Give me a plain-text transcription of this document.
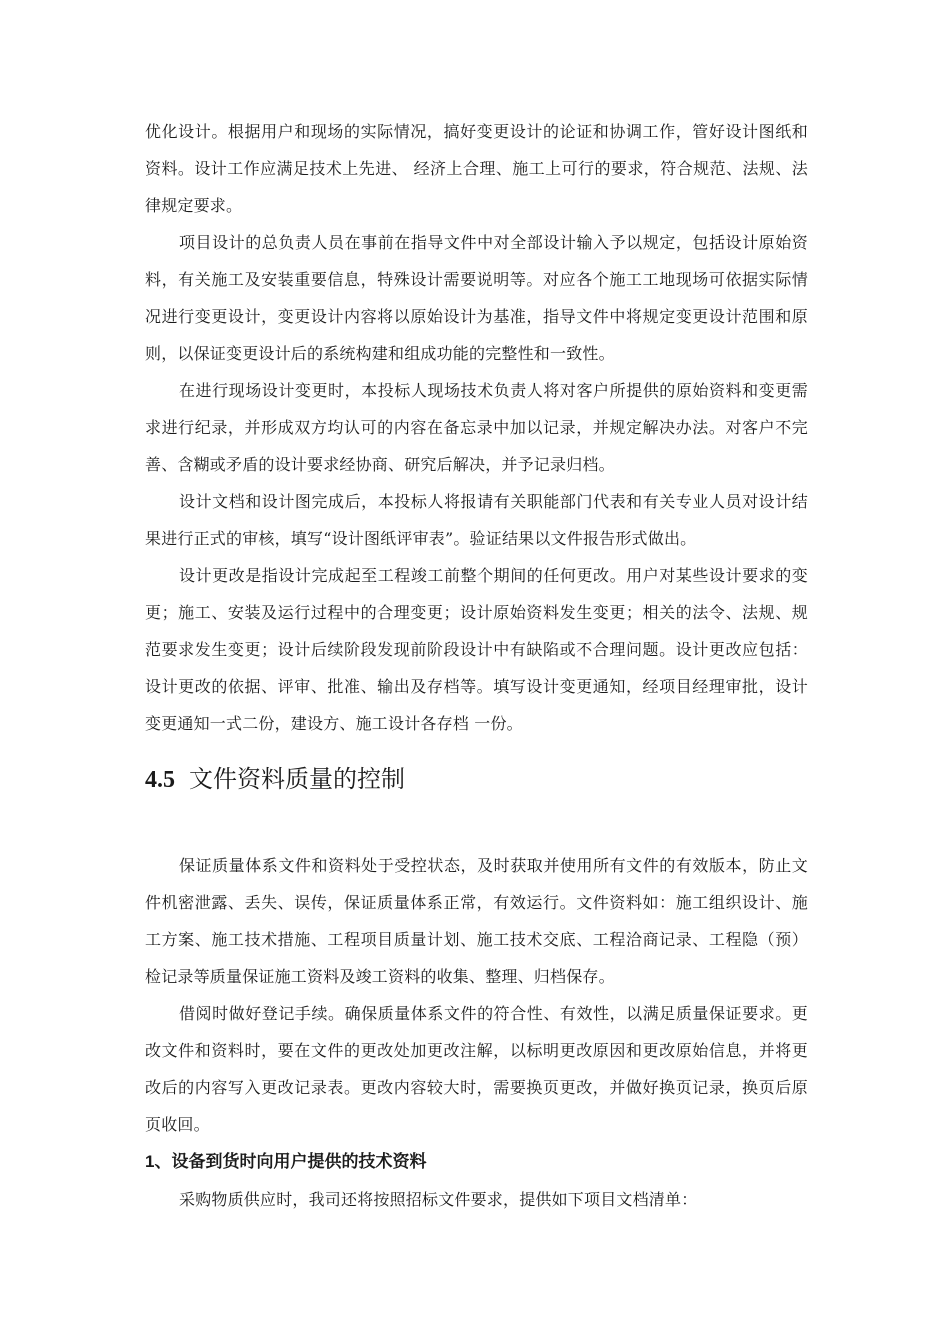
优化设计。根据用户和现场的实际情况，搞好变更设计的论证和协调工作，管好设计图纸和资料。设计工作应满足技术上先进、 经济上合理、施工上可行的要求，符合规范、法规、法律规定要求。

项目设计的总负责人员在事前在指导文件中对全部设计输入予以规定，包括设计原始资料，有关施工及安装重要信息，特殊设计需要说明等。对应各个施工工地现场可依据实际情况进行变更设计，变更设计内容将以原始设计为基准，指导文件中将规定变更设计范围和原则，以保证变更设计后的系统构建和组成功能的完整性和一致性。

在进行现场设计变更时，本投标人现场技术负责人将对客户所提供的原始资料和变更需求进行纪录，并形成双方均认可的内容在备忘录中加以记录，并规定解决办法。对客户不完善、含糊或矛盾的设计要求经协商、研究后解决，并予记录归档。

设计文档和设计图完成后，本投标人将报请有关职能部门代表和有关专业人员对设计结果进行正式的审核，填写“设计图纸评审表”。验证结果以文件报告形式做出。

设计更改是指设计完成起至工程竣工前整个期间的任何更改。用户对某些设计要求的变更；施工、安装及运行过程中的合理变更；设计原始资料发生变更；相关的法令、法规、规范要求发生变更；设计后续阶段发现前阶段设计中有缺陷或不合理问题。设计更改应包括：设计更改的依据、评审、批准、输出及存档等。填写设计变更通知，经项目经理审批，设计变更通知一式二份，建设方、施工设计各存档 一份。

4.5 文件资料质量的控制

保证质量体系文件和资料处于受控状态，及时获取并使用所有文件的有效版本，防止文件机密泄露、丢失、误传，保证质量体系正常，有效运行。文件资料如：施工组织设计、施工方案、施工技术措施、工程项目质量计划、施工技术交底、工程洽商记录、工程隐（预）检记录等质量保证施工资料及竣工资料的收集、整理、归档保存。

借阅时做好登记手续。确保质量体系文件的符合性、有效性，以满足质量保证要求。更改文件和资料时，要在文件的更改处加更改注解，以标明更改原因和更改原始信息，并将更改后的内容写入更改记录表。更改内容较大时，需要换页更改，并做好换页记录，换页后原页收回。

1 、设备到货时向用户提供的技术资料

采购物质供应时，我司还将按照招标文件要求，提供如下项目文档清单：
